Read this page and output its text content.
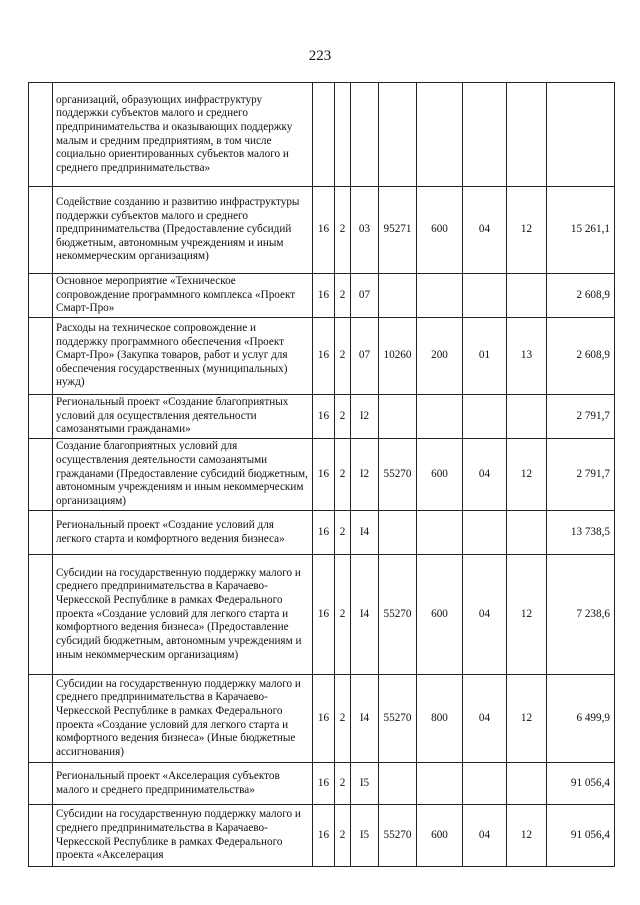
223
	организаций, образующих инфраструктуру поддержки субъектов малого и среднего предпринимательства и оказывающих поддержку малым и средним предприятиям, в том числе социально ориентированных субъектов малого и среднего предпринимательства»								
	Содействие созданию и развитию инфраструктуры поддержки субъектов малого и среднего предпринимательства (Предоставление субсидий бюджетным, автономным учреждениям и иным некоммерческим организациям)	16	2	03	95271	600	04	12	15 261,1
	Основное мероприятие «Техническое сопровождение программного комплекса «Проект Смарт-Про»	16	2	07					2 608,9
	Расходы на техническое сопровождение и поддержку программного обеспечения «Проект Смарт-Про» (Закупка товаров, работ и услуг для обеспечения государственных (муниципальных) нужд)	16	2	07	10260	200	01	13	2 608,9
	Региональный проект «Создание благоприятных условий для осуществления деятельности самозанятыми гражданами»	16	2	I2					2 791,7
	Создание благоприятных условий для осуществления деятельности самозанятыми гражданами (Предоставление субсидий бюджетным, автономным учреждениям и иным некоммерческим организациям)	16	2	I2	55270	600	04	12	2 791,7
	Региональный проект «Создание условий для легкого старта и комфортного ведения бизнеса»	16	2	I4					13 738,5
	Субсидии на государственную поддержку малого и среднего предпринимательства в Карачаево-Черкесской Республике в рамках Федерального проекта «Создание условий для легкого старта и комфортного ведения бизнеса» (Предоставление субсидий бюджетным, автономным учреждениям и иным некоммерческим организациям)	16	2	I4	55270	600	04	12	7 238,6
	Субсидии на государственную поддержку малого и среднего предпринимательства в Карачаево-Черкесской Республике в рамках Федерального проекта «Создание условий для легкого старта и комфортного ведения бизнеса» (Иные бюджетные ассигнования)	16	2	I4	55270	800	04	12	6 499,9
	Региональный проект «Акселерация субъектов малого и среднего предпринимательства»	16	2	I5					91 056,4
	Субсидии на государственную поддержку малого и среднего предпринимательства в Карачаево-Черкесской Республике в рамках Федерального проекта «Акселерация	16	2	I5	55270	600	04	12	91 056,4
